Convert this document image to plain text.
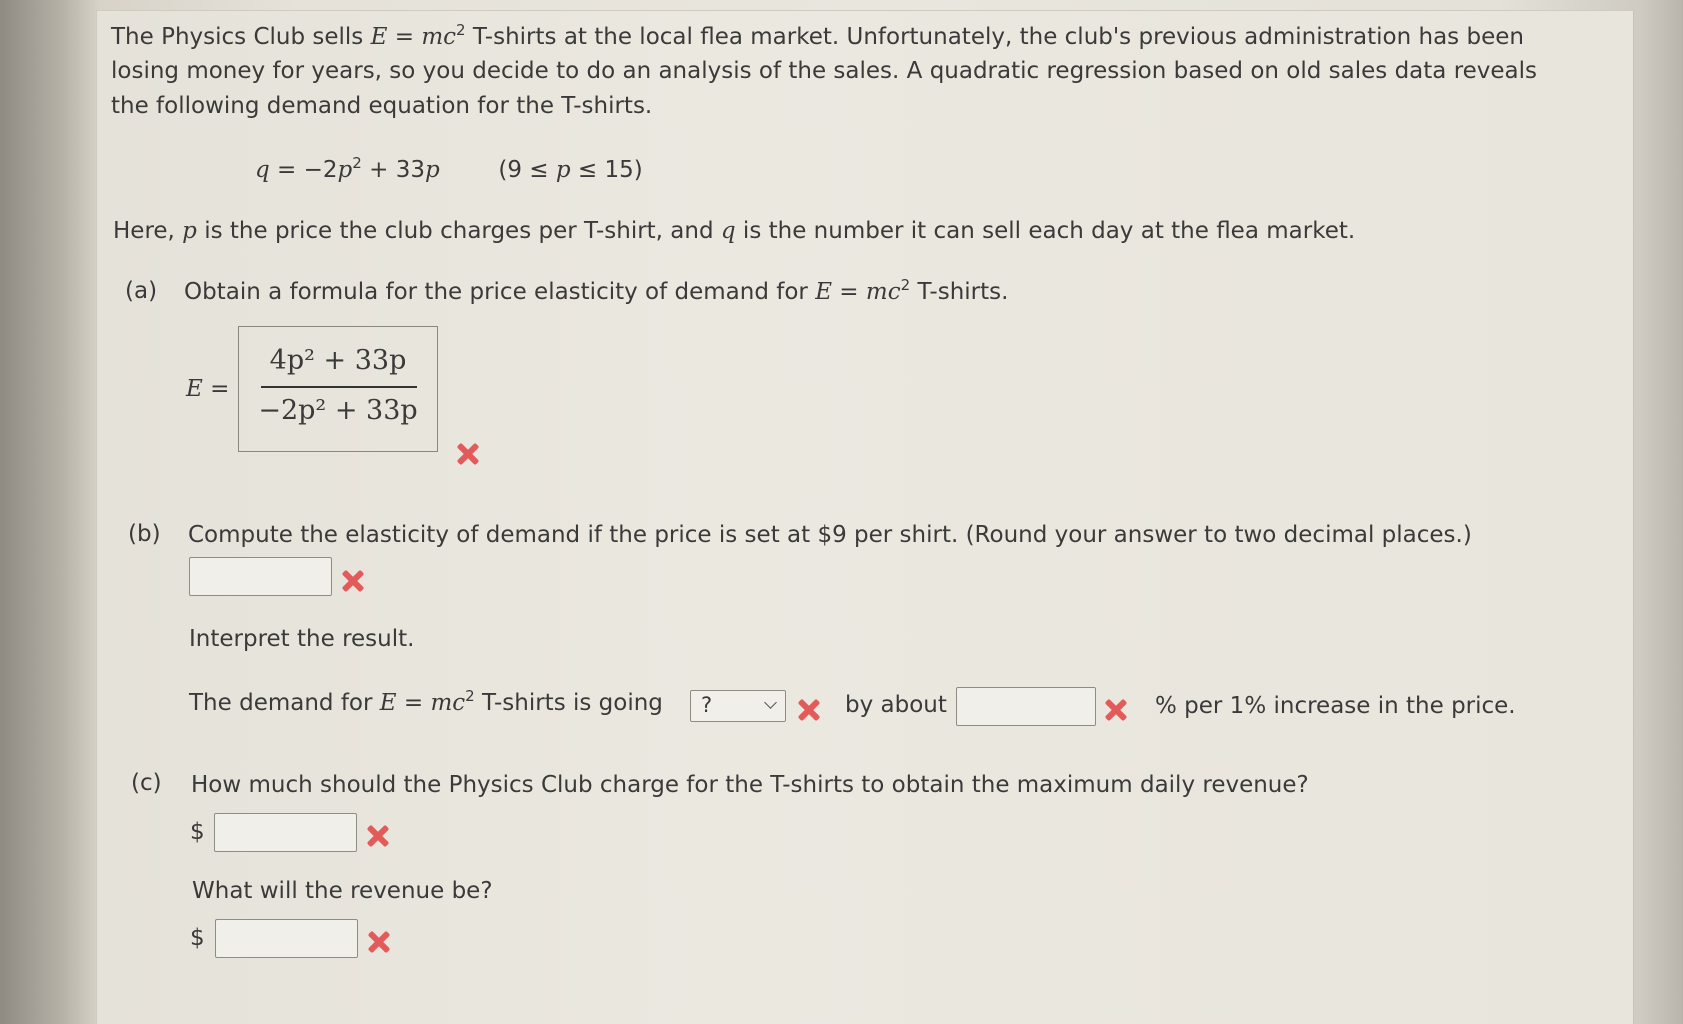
The Physics Club sells $E = mc^2$ T-shirts at the local flea market. Unfortunately, the club's previous administration has been
losing money for years, so you decide to do an analysis of the sales. A quadratic regression based on old sales data reveals
the following demand equation for the T-shirts.
$q = -2p^2 + 33p$	(9 ≤ p ≤ 15)
Here, p is the price the club charges per T-shirt, and q is the number it can sell each day at the flea market.
(a) Obtain a formula for the price elasticity of demand for $E = mc^2$ T-shirts.
E =
4p² + 33p
−2p² + 33p
(b) Compute the elasticity of demand if the price is set at $9 per shirt. (Round your answer to two decimal places.)
Interpret the result.
The demand for $E = mc^2$ T-shirts is going ?	by about	% per 1% increase in the price.
(c) How much should the Physics Club charge for the T-shirts to obtain the maximum daily revenue?
$
What will the revenue be?
$
